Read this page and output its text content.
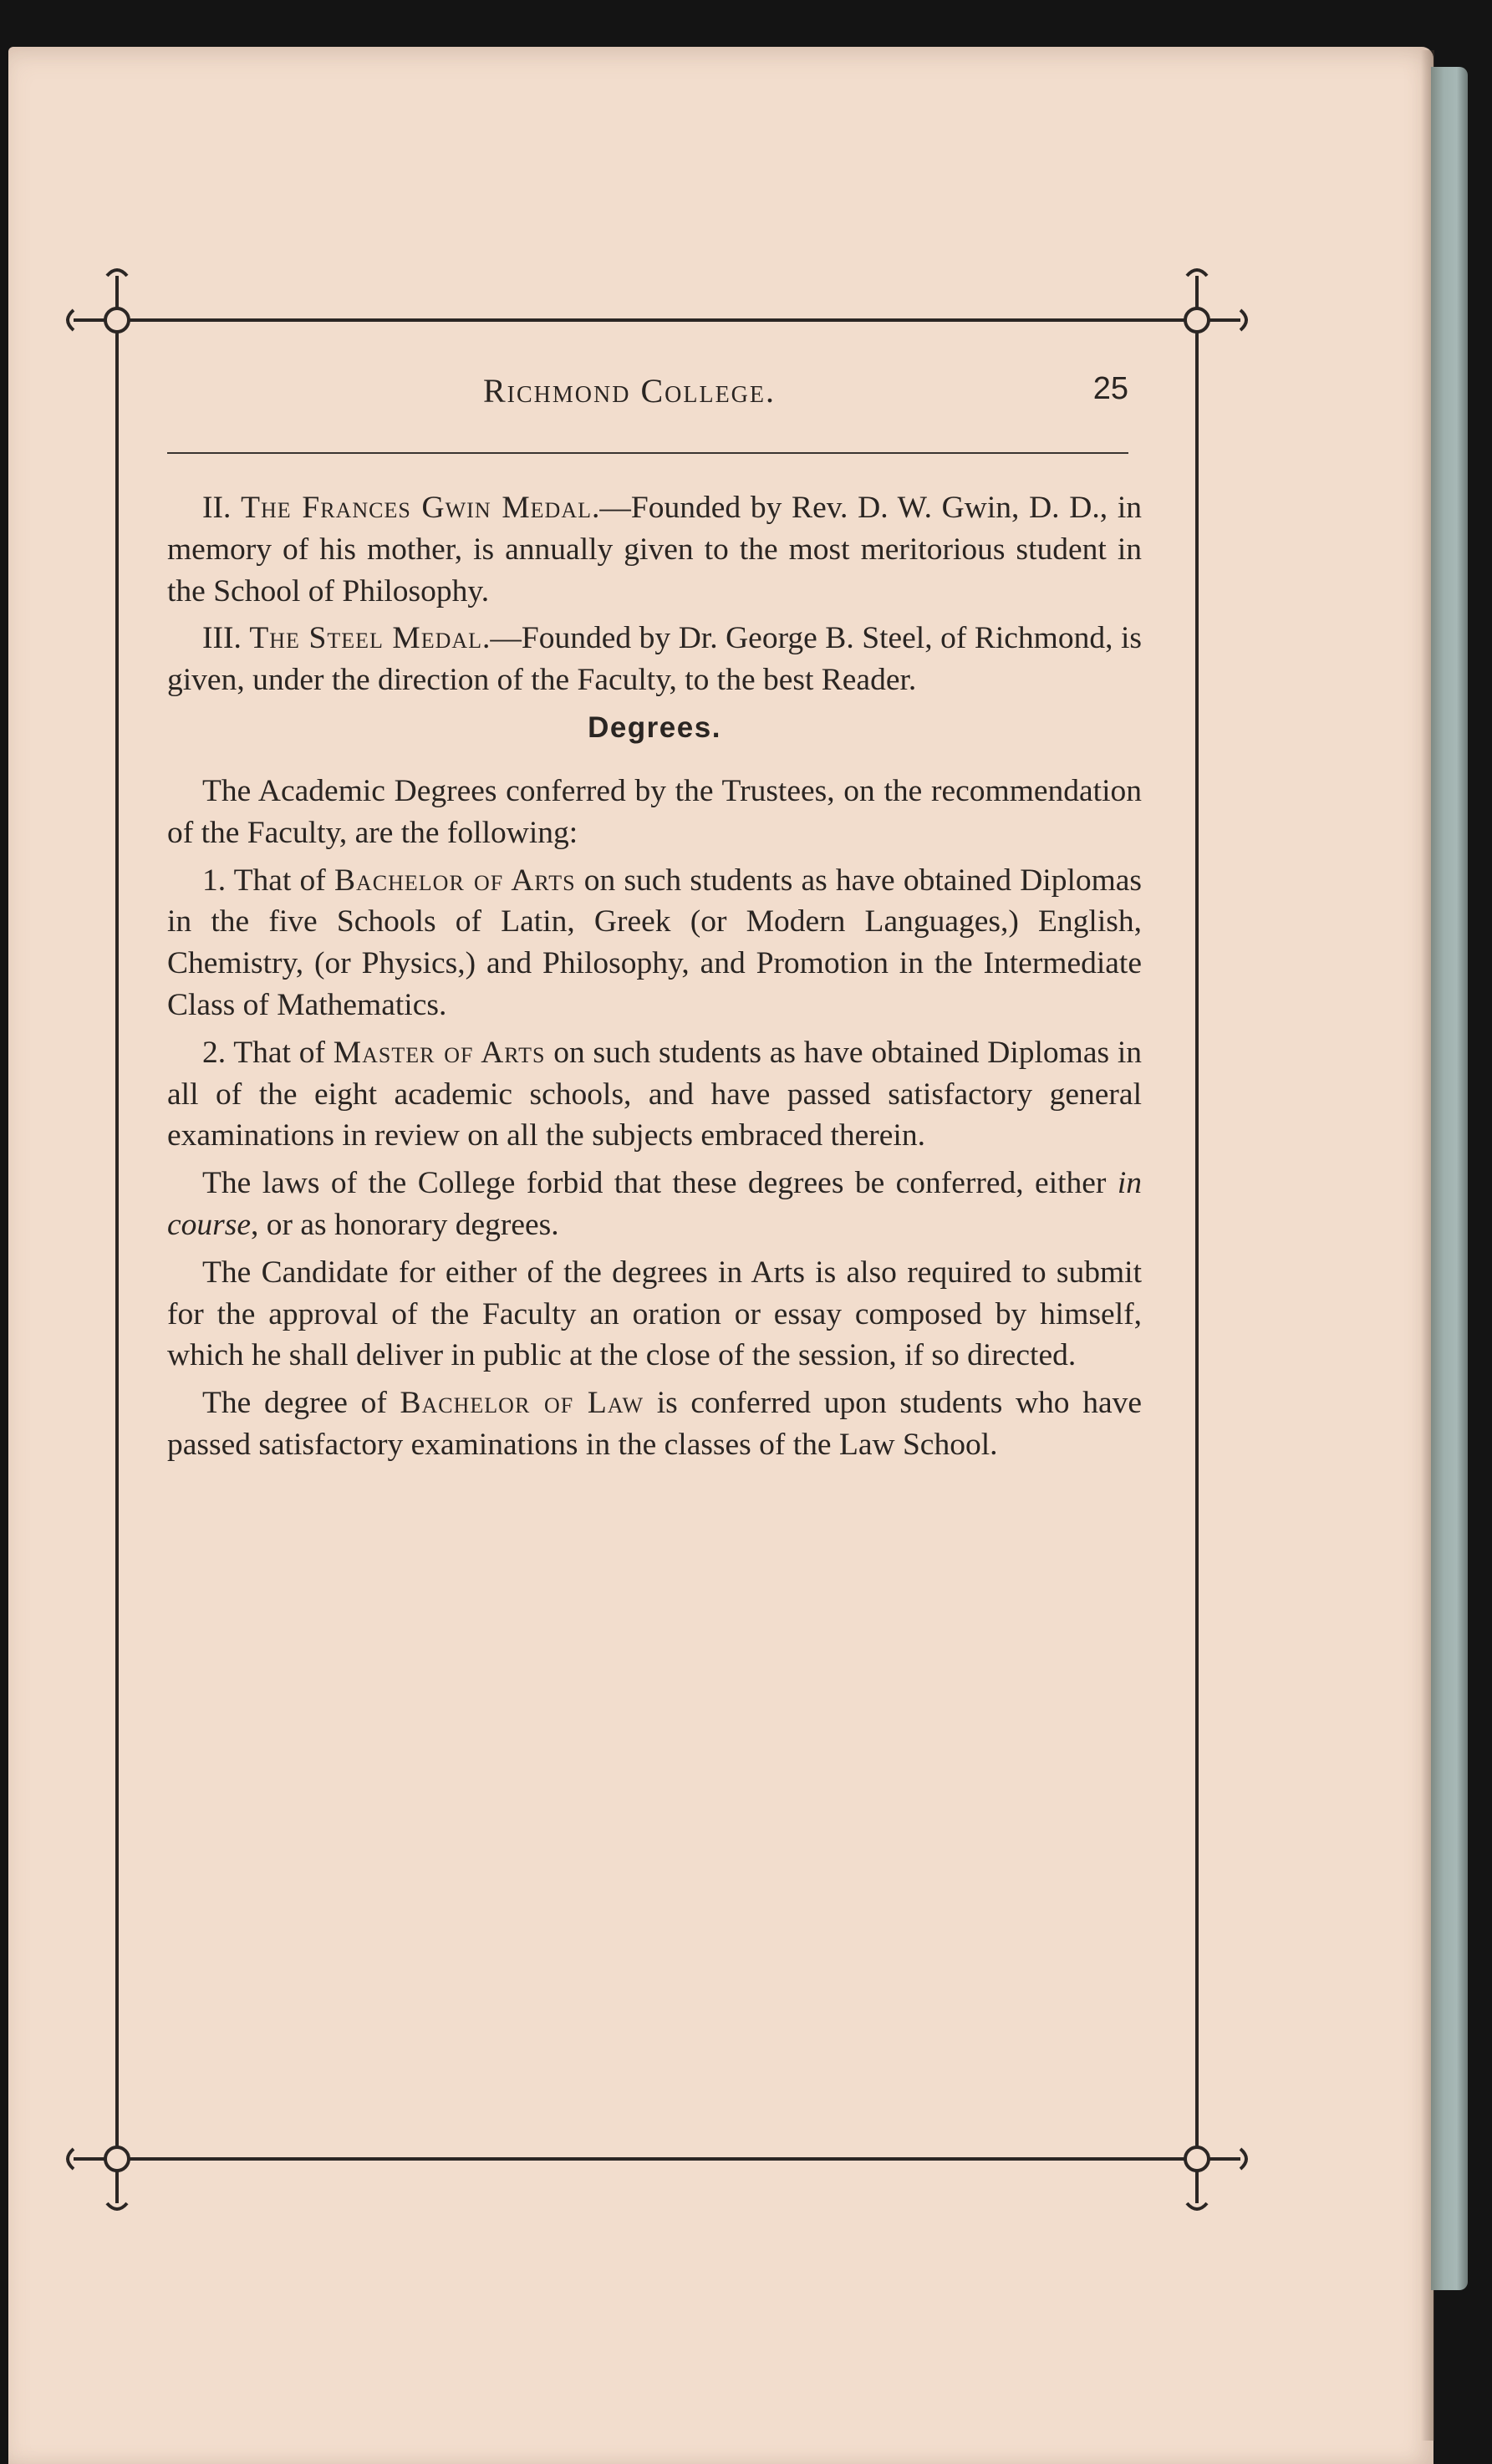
Richmond College.	25

II. The Frances Gwin Medal.—Founded by Rev. D. W. Gwin, D. D., in memory of his mother, is annually given to the most meritorious student in the School of Philosophy.

III. The Steel Medal.—Founded by Dr. George B. Steel, of Richmond, is given, under the direction of the Faculty, to the best Reader.

Degrees.

The Academic Degrees conferred by the Trustees, on the recommendation of the Faculty, are the following:

1. That of Bachelor of Arts on such students as have obtained Diplomas in the five Schools of Latin, Greek (or Modern Languages,) English, Chemistry, (or Physics,) and Philosophy, and Promotion in the Intermediate Class of Mathematics.

2. That of Master of Arts on such students as have obtained Diplomas in all of the eight academic schools, and have passed satisfactory general examinations in review on all the subjects embraced therein.

The laws of the College forbid that these degrees be conferred, either in course, or as honorary degrees.

The Candidate for either of the degrees in Arts is also required to submit for the approval of the Faculty an oration or essay composed by himself, which he shall deliver in public at the close of the session, if so directed.

The degree of Bachelor of Law is conferred upon students who have passed satisfactory examinations in the classes of the Law School.
